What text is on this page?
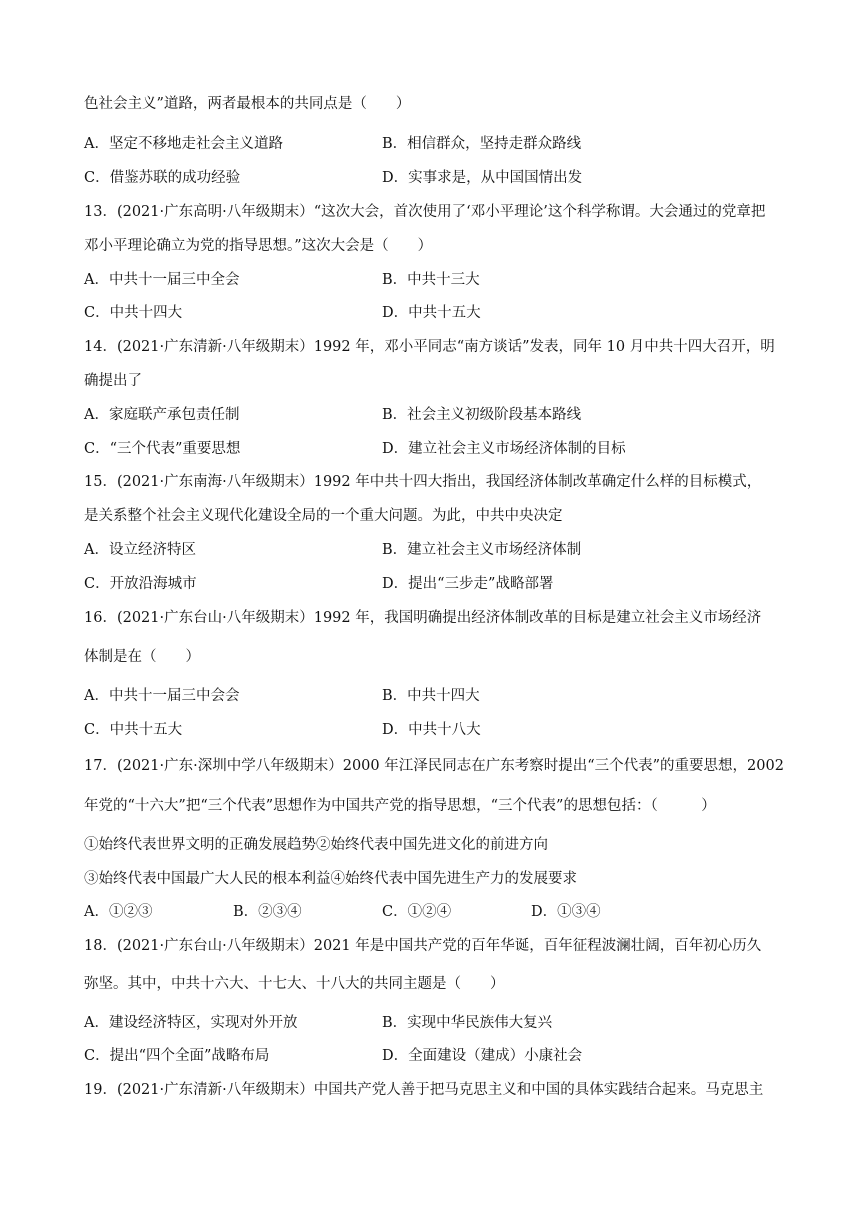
色社会主义”道路，两者最根本的共同点是（　　）
A．坚定不移地走社会主义道路	B．相信群众，坚持走群众路线
C．借鉴苏联的成功经验	D．实事求是，从中国国情出发
13．(2021·广东高明·八年级期末）“这次大会，首次使用了‘邓小平理论’这个科学称谓。大会通过的党章把
邓小平理论确立为党的指导思想。”这次大会是（　　）
A．中共十一届三中全会	B．中共十三大
C．中共十四大	D．中共十五大
14．(2021·广东清新·八年级期末）1992 年，邓小平同志“南方谈话”发表，同年 10 月中共十四大召开，明
确提出了
A．家庭联产承包责任制	B．社会主义初级阶段基本路线
C．“三个代表”重要思想	D．建立社会主义市场经济体制的目标
15．(2021·广东南海·八年级期末）1992 年中共十四大指出，我国经济体制改革确定什么样的目标模式，
是关系整个社会主义现代化建设全局的一个重大问题。为此，中共中央决定
A．设立经济特区	B．建立社会主义市场经济体制
C．开放沿海城市	D．提出“三步走”战略部署
16．(2021·广东台山·八年级期末）1992 年，我国明确提出经济体制改革的目标是建立社会主义市场经济
体制是在（　　）
A．中共十一届三中会会	B．中共十四大
C．中共十五大	D．中共十八大
17．(2021·广东·深圳中学八年级期末）2000 年江泽民同志在广东考察时提出“三个代表”的重要思想，2002
年党的“十六大”把“三个代表”思想作为中国共产党的指导思想，“三个代表”的思想包括：（　　　）
①始终代表世界文明的正确发展趋势②始终代表中国先进文化的前进方向
③始终代表中国最广大人民的根本利益④始终代表中国先进生产力的发展要求
A．①②③	B．②③④	C．①②④	D．①③④
18．(2021·广东台山·八年级期末）2021 年是中国共产党的百年华诞，百年征程波澜壮阔，百年初心历久
弥坚。其中，中共十六大、十七大、十八大的共同主题是（　　）
A．建设经济特区，实现对外开放	B．实现中华民族伟大复兴
C．提出“四个全面”战略布局	D．全面建设（建成）小康社会
19．(2021·广东清新·八年级期末）中国共产党人善于把马克思主义和中国的具体实践结合起来。马克思主
